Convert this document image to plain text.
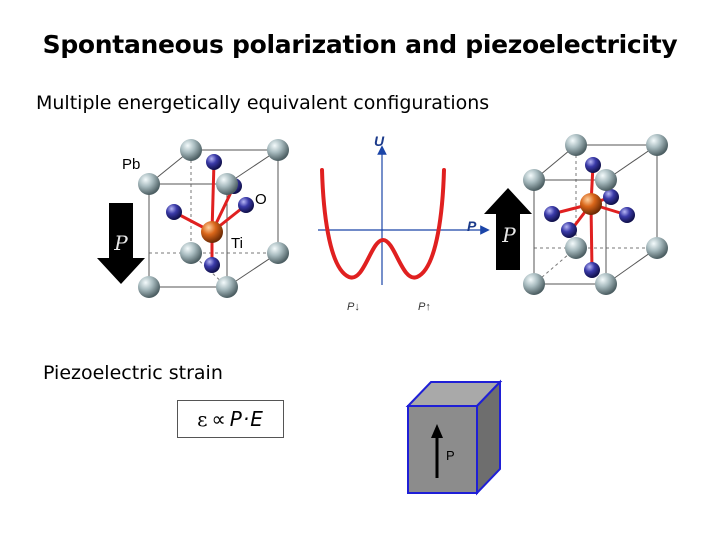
Spontaneous polarization and piezoelectricity
Multiple energetically equivalent configurations
Pb
O
Ti
P
U
P
P↓	P↑
P
P
Piezoelectric strain
ε ∝ P·E
